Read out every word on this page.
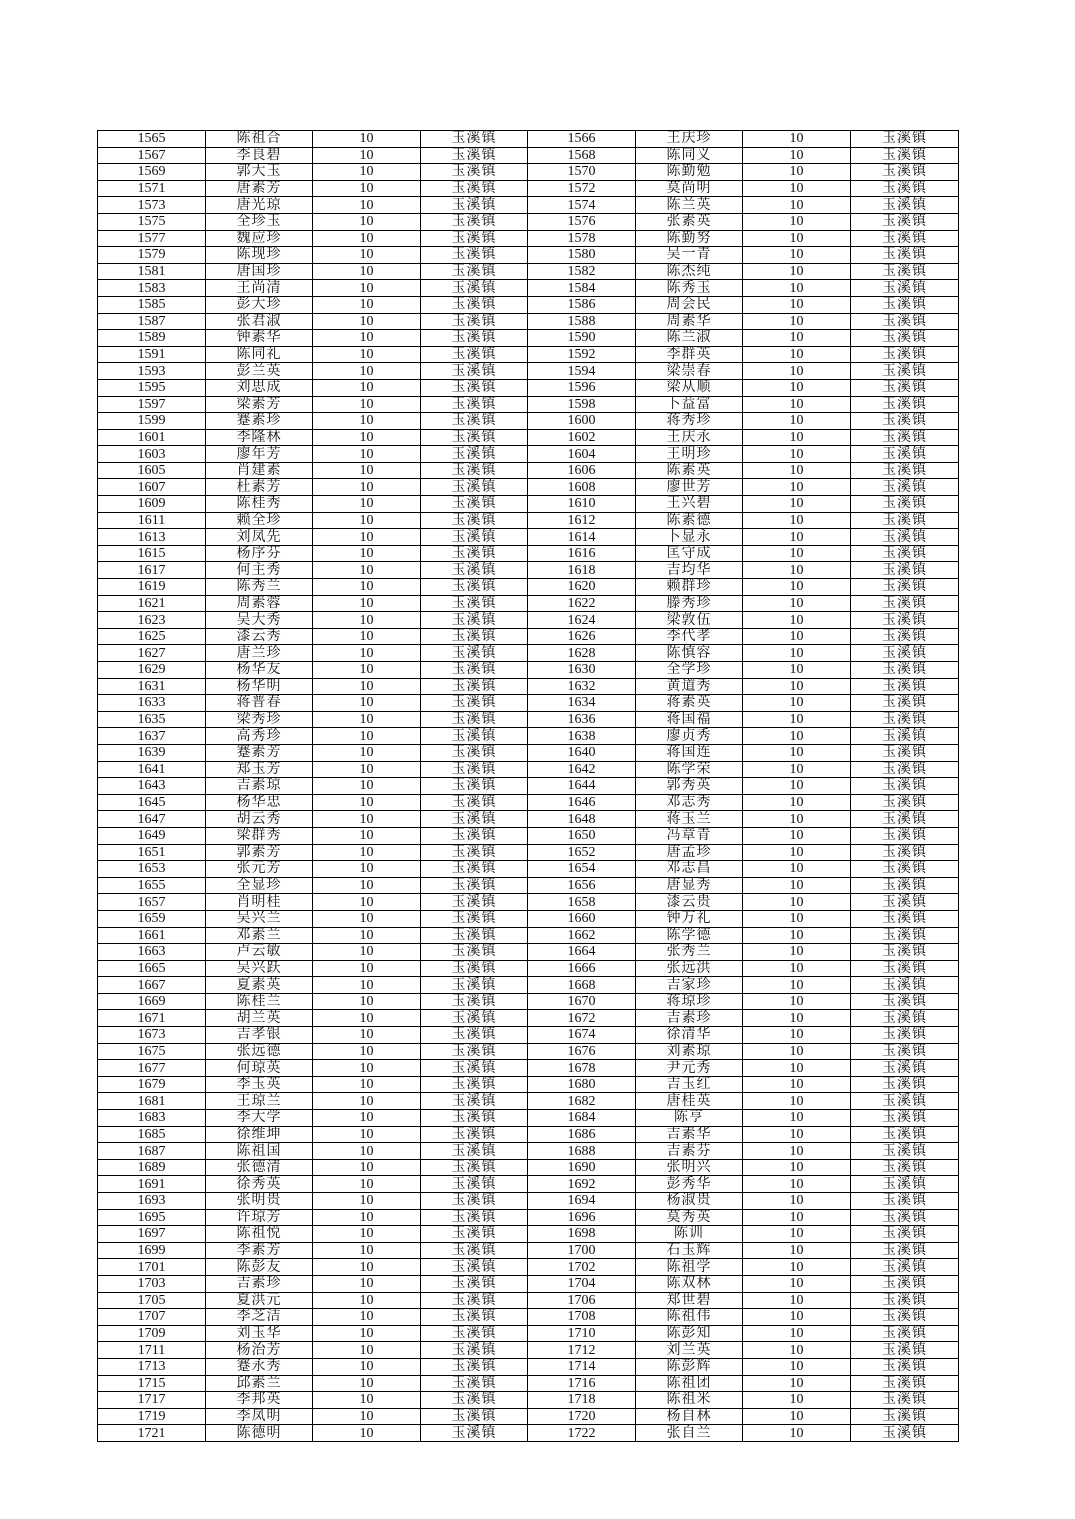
1565	陈祖合	10	玉溪镇	1566	王庆珍	10	玉溪镇
1567	李良碧	10	玉溪镇	1568	陈同义	10	玉溪镇
1569	郭大玉	10	玉溪镇	1570	陈勤勉	10	玉溪镇
1571	唐素芳	10	玉溪镇	1572	莫尚明	10	玉溪镇
1573	唐光琼	10	玉溪镇	1574	陈兰英	10	玉溪镇
1575	全珍玉	10	玉溪镇	1576	张素英	10	玉溪镇
1577	魏应珍	10	玉溪镇	1578	陈勤努	10	玉溪镇
1579	陈现珍	10	玉溪镇	1580	吴一青	10	玉溪镇
1581	唐国珍	10	玉溪镇	1582	陈杰纯	10	玉溪镇
1583	王尚清	10	玉溪镇	1584	陈秀玉	10	玉溪镇
1585	彭大珍	10	玉溪镇	1586	周会民	10	玉溪镇
1587	张君淑	10	玉溪镇	1588	周素华	10	玉溪镇
1589	钟素华	10	玉溪镇	1590	陈兰淑	10	玉溪镇
1591	陈同礼	10	玉溪镇	1592	李群英	10	玉溪镇
1593	彭兰英	10	玉溪镇	1594	梁崇春	10	玉溪镇
1595	刘思成	10	玉溪镇	1596	梁从顺	10	玉溪镇
1597	梁素芳	10	玉溪镇	1598	卜益富	10	玉溪镇
1599	蹇素珍	10	玉溪镇	1600	蒋秀珍	10	玉溪镇
1601	李隆林	10	玉溪镇	1602	王庆永	10	玉溪镇
1603	廖年芳	10	玉溪镇	1604	王明珍	10	玉溪镇
1605	肖建素	10	玉溪镇	1606	陈素英	10	玉溪镇
1607	杜素芳	10	玉溪镇	1608	廖世芳	10	玉溪镇
1609	陈桂秀	10	玉溪镇	1610	王兴碧	10	玉溪镇
1611	赖全珍	10	玉溪镇	1612	陈素德	10	玉溪镇
1613	刘凤先	10	玉溪镇	1614	卜显永	10	玉溪镇
1615	杨序芬	10	玉溪镇	1616	匡守成	10	玉溪镇
1617	何主秀	10	玉溪镇	1618	吉均华	10	玉溪镇
1619	陈秀兰	10	玉溪镇	1620	赖群珍	10	玉溪镇
1621	周素蓉	10	玉溪镇	1622	滕秀珍	10	玉溪镇
1623	吴大秀	10	玉溪镇	1624	梁敦伍	10	玉溪镇
1625	漆云秀	10	玉溪镇	1626	李代孝	10	玉溪镇
1627	唐兰珍	10	玉溪镇	1628	陈慎容	10	玉溪镇
1629	杨华友	10	玉溪镇	1630	全学珍	10	玉溪镇
1631	杨华明	10	玉溪镇	1632	黄道秀	10	玉溪镇
1633	蒋普春	10	玉溪镇	1634	蒋素英	10	玉溪镇
1635	梁秀珍	10	玉溪镇	1636	蒋国福	10	玉溪镇
1637	高秀珍	10	玉溪镇	1638	廖贞秀	10	玉溪镇
1639	蹇素芳	10	玉溪镇	1640	蒋国连	10	玉溪镇
1641	郑玉芳	10	玉溪镇	1642	陈学荣	10	玉溪镇
1643	吉素琼	10	玉溪镇	1644	郭秀英	10	玉溪镇
1645	杨华忠	10	玉溪镇	1646	邓志秀	10	玉溪镇
1647	胡云秀	10	玉溪镇	1648	蒋玉兰	10	玉溪镇
1649	梁群秀	10	玉溪镇	1650	冯章青	10	玉溪镇
1651	郭素芳	10	玉溪镇	1652	唐孟珍	10	玉溪镇
1653	张元芳	10	玉溪镇	1654	邓志昌	10	玉溪镇
1655	全显珍	10	玉溪镇	1656	唐显秀	10	玉溪镇
1657	肖明桂	10	玉溪镇	1658	漆云贵	10	玉溪镇
1659	吴兴兰	10	玉溪镇	1660	钟万礼	10	玉溪镇
1661	邓素兰	10	玉溪镇	1662	陈学德	10	玉溪镇
1663	卢云敏	10	玉溪镇	1664	张秀兰	10	玉溪镇
1665	吴兴跃	10	玉溪镇	1666	张远洪	10	玉溪镇
1667	夏素英	10	玉溪镇	1668	吉家珍	10	玉溪镇
1669	陈桂兰	10	玉溪镇	1670	蒋琼珍	10	玉溪镇
1671	胡兰英	10	玉溪镇	1672	吉素珍	10	玉溪镇
1673	吉孝银	10	玉溪镇	1674	徐清华	10	玉溪镇
1675	张远德	10	玉溪镇	1676	刘素琼	10	玉溪镇
1677	何琼英	10	玉溪镇	1678	尹元秀	10	玉溪镇
1679	李玉英	10	玉溪镇	1680	吉玉红	10	玉溪镇
1681	王琼兰	10	玉溪镇	1682	唐桂英	10	玉溪镇
1683	李大学	10	玉溪镇	1684	陈亨	10	玉溪镇
1685	徐维坤	10	玉溪镇	1686	吉素华	10	玉溪镇
1687	陈祖国	10	玉溪镇	1688	吉素芬	10	玉溪镇
1689	张德清	10	玉溪镇	1690	张明兴	10	玉溪镇
1691	徐秀英	10	玉溪镇	1692	彭秀华	10	玉溪镇
1693	张明贵	10	玉溪镇	1694	杨淑贵	10	玉溪镇
1695	许琼芳	10	玉溪镇	1696	莫秀英	10	玉溪镇
1697	陈祖悦	10	玉溪镇	1698	陈训	10	玉溪镇
1699	李素芳	10	玉溪镇	1700	石玉辉	10	玉溪镇
1701	陈彭友	10	玉溪镇	1702	陈祖学	10	玉溪镇
1703	吉素珍	10	玉溪镇	1704	陈双林	10	玉溪镇
1705	夏洪元	10	玉溪镇	1706	郑世碧	10	玉溪镇
1707	李芝洁	10	玉溪镇	1708	陈祖伟	10	玉溪镇
1709	刘玉华	10	玉溪镇	1710	陈彭知	10	玉溪镇
1711	杨治芳	10	玉溪镇	1712	刘兰英	10	玉溪镇
1713	蹇永秀	10	玉溪镇	1714	陈彭辉	10	玉溪镇
1715	邱素兰	10	玉溪镇	1716	陈祖团	10	玉溪镇
1717	李邦英	10	玉溪镇	1718	陈祖米	10	玉溪镇
1719	李凤明	10	玉溪镇	1720	杨自林	10	玉溪镇
1721	陈德明	10	玉溪镇	1722	张自兰	10	玉溪镇
